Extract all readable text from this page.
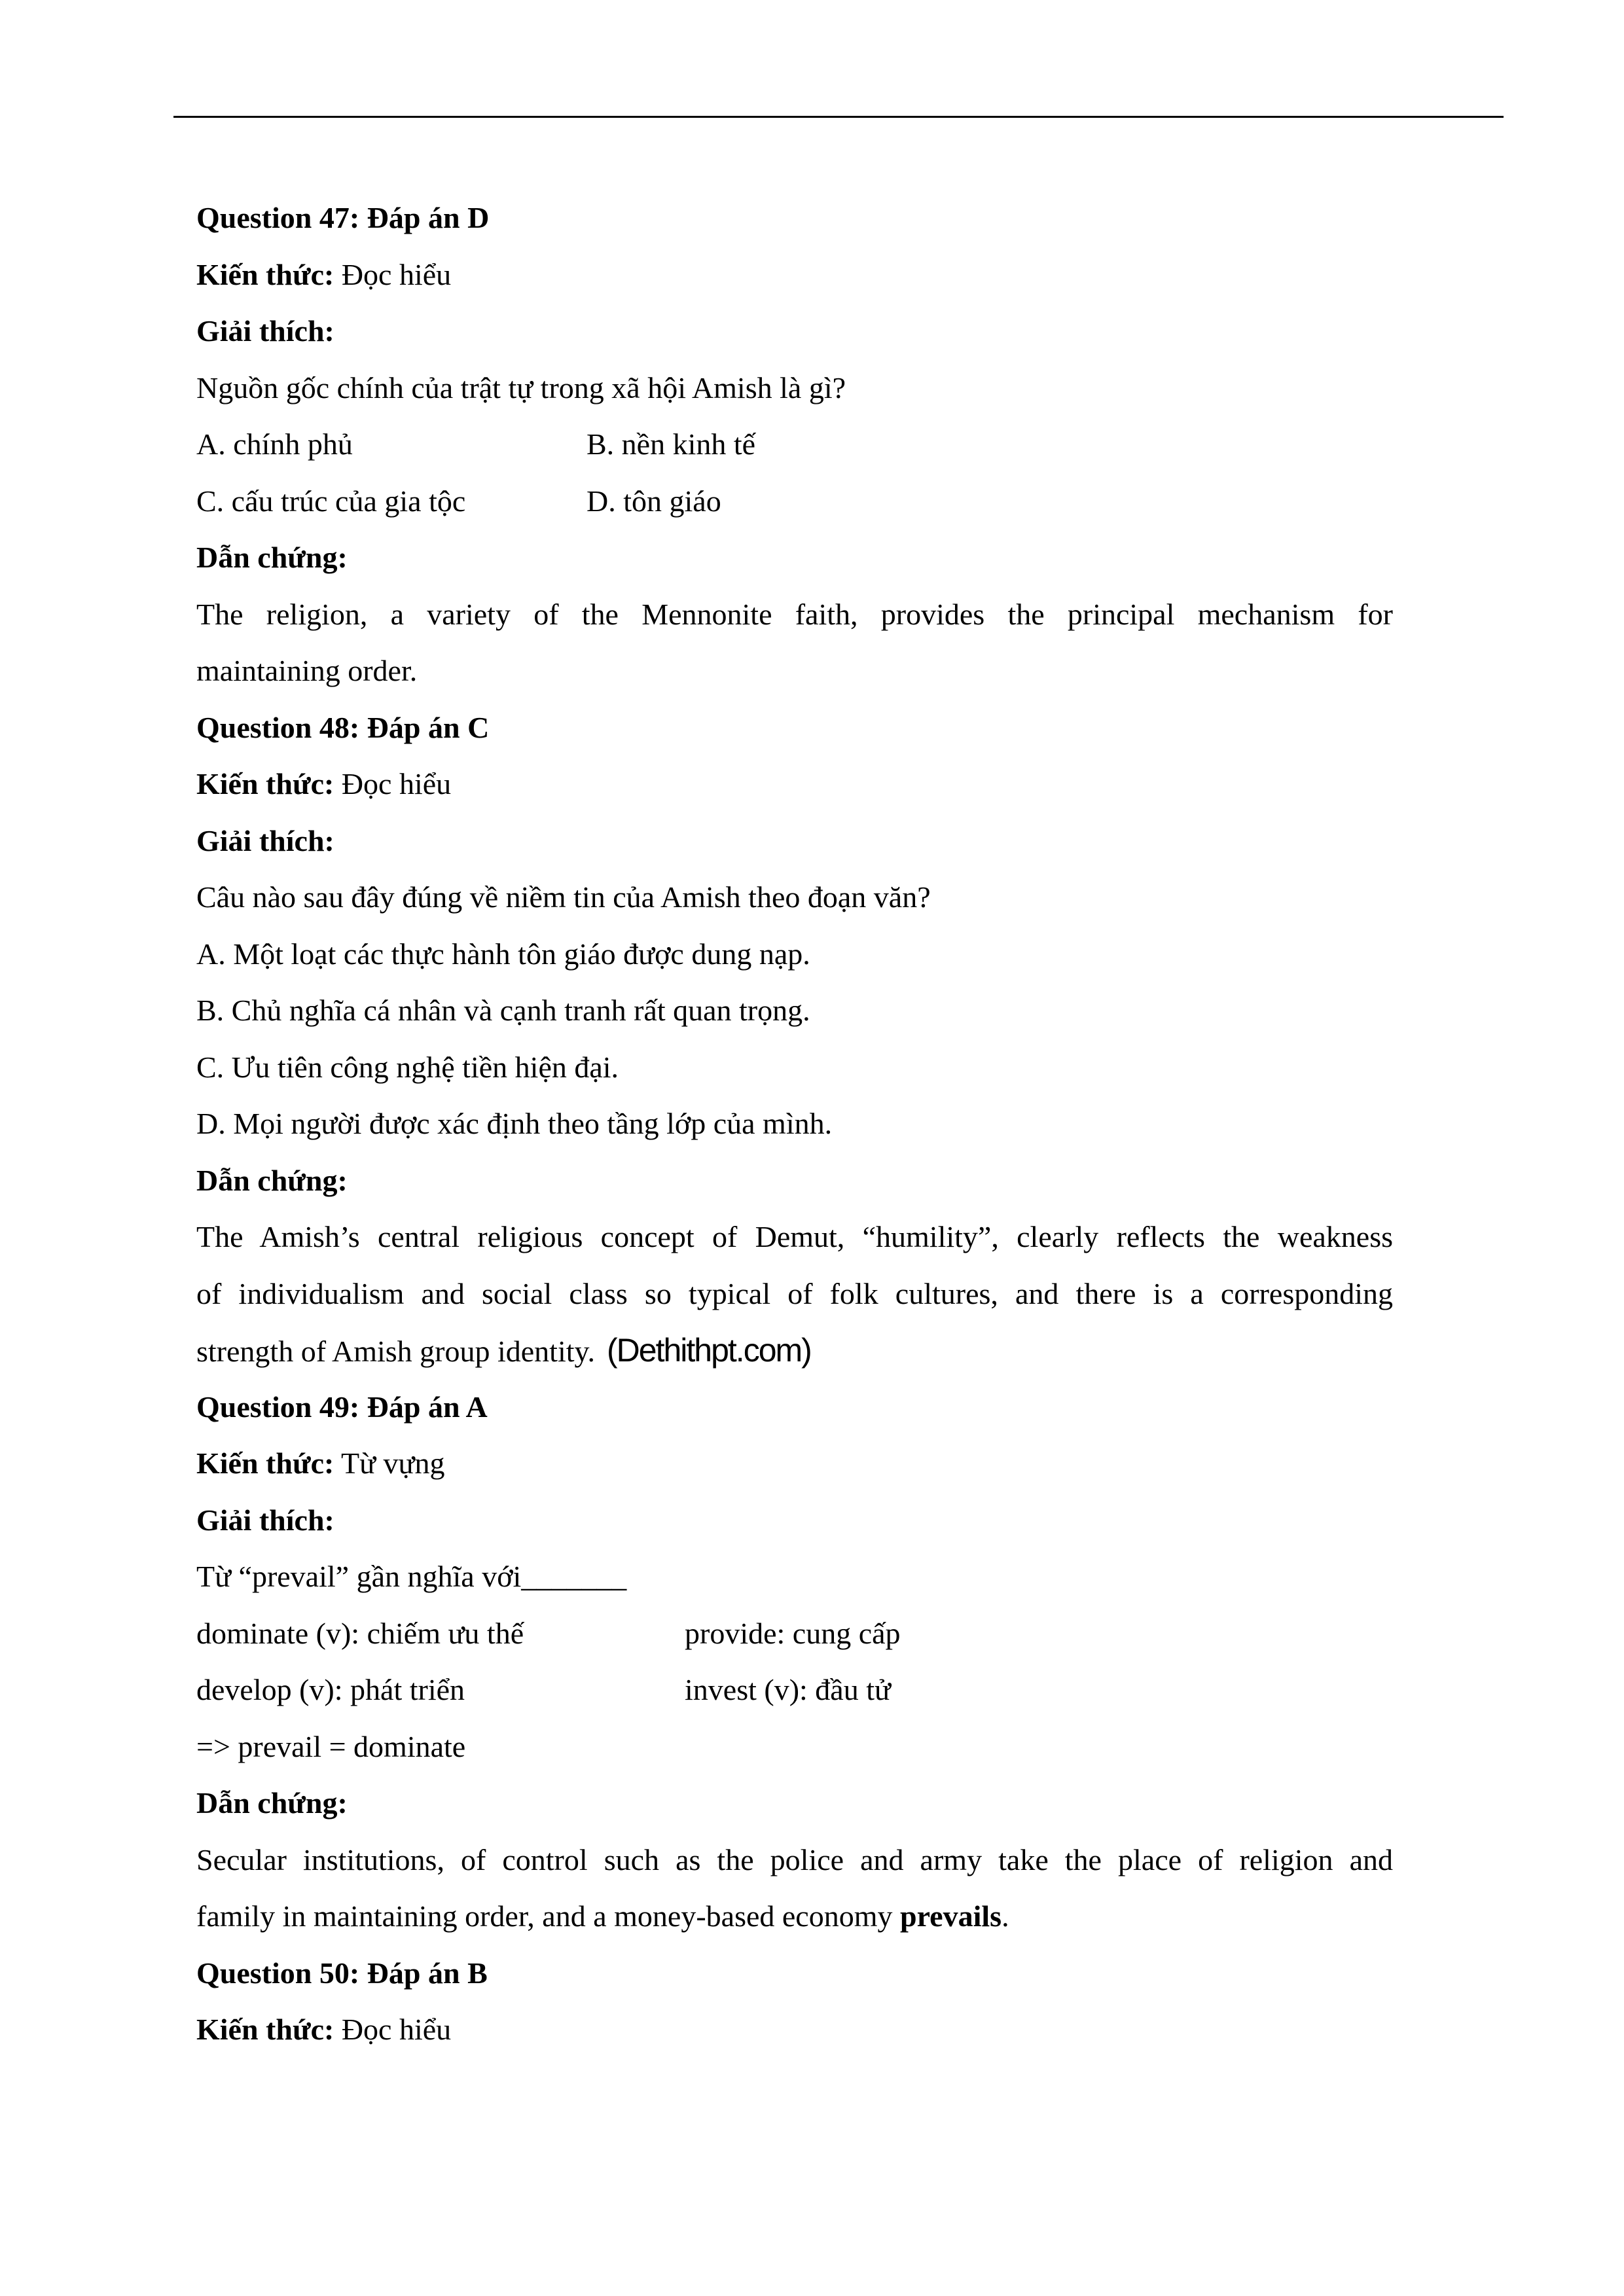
Question 47: Đáp án D
Kiến thức: Đọc hiểu
Giải thích:
Nguồn gốc chính của trật tự trong xã hội Amish là gì?
A. chính phủ	B. nền kinh tế
C. cấu trúc của gia tộc	D. tôn giáo
Dẫn chứng:
The religion, a variety of the Mennonite faith, provides the principal mechanism for
maintaining order.
Question 48: Đáp án C
Kiến thức: Đọc hiểu
Giải thích:
Câu nào sau đây đúng về niềm tin của Amish theo đoạn văn?
A. Một loạt các thực hành tôn giáo được dung nạp.
B. Chủ nghĩa cá nhân và cạnh tranh rất quan trọng.
C. Ưu tiên công nghệ tiền hiện đại.
D. Mọi người được xác định theo tầng lớp của mình.
Dẫn chứng:
The Amish’s central religious concept of Demut, “humility”, clearly reflects the weakness
of individualism and social class so typical of folk cultures, and there is a corresponding
strength of Amish group identity. (Dethithpt.com)
Question 49: Đáp án A
Kiến thức: Từ vựng
Giải thích:
Từ “prevail” gần nghĩa với_______
dominate (v): chiếm ưu thế	provide: cung cấp
develop (v): phát triển	invest (v): đầu tử
=> prevail = dominate
Dẫn chứng:
Secular institutions, of control such as the police and army take the place of religion and
family in maintaining order, and a money-based economy prevails.
Question 50: Đáp án B
Kiến thức: Đọc hiểu
